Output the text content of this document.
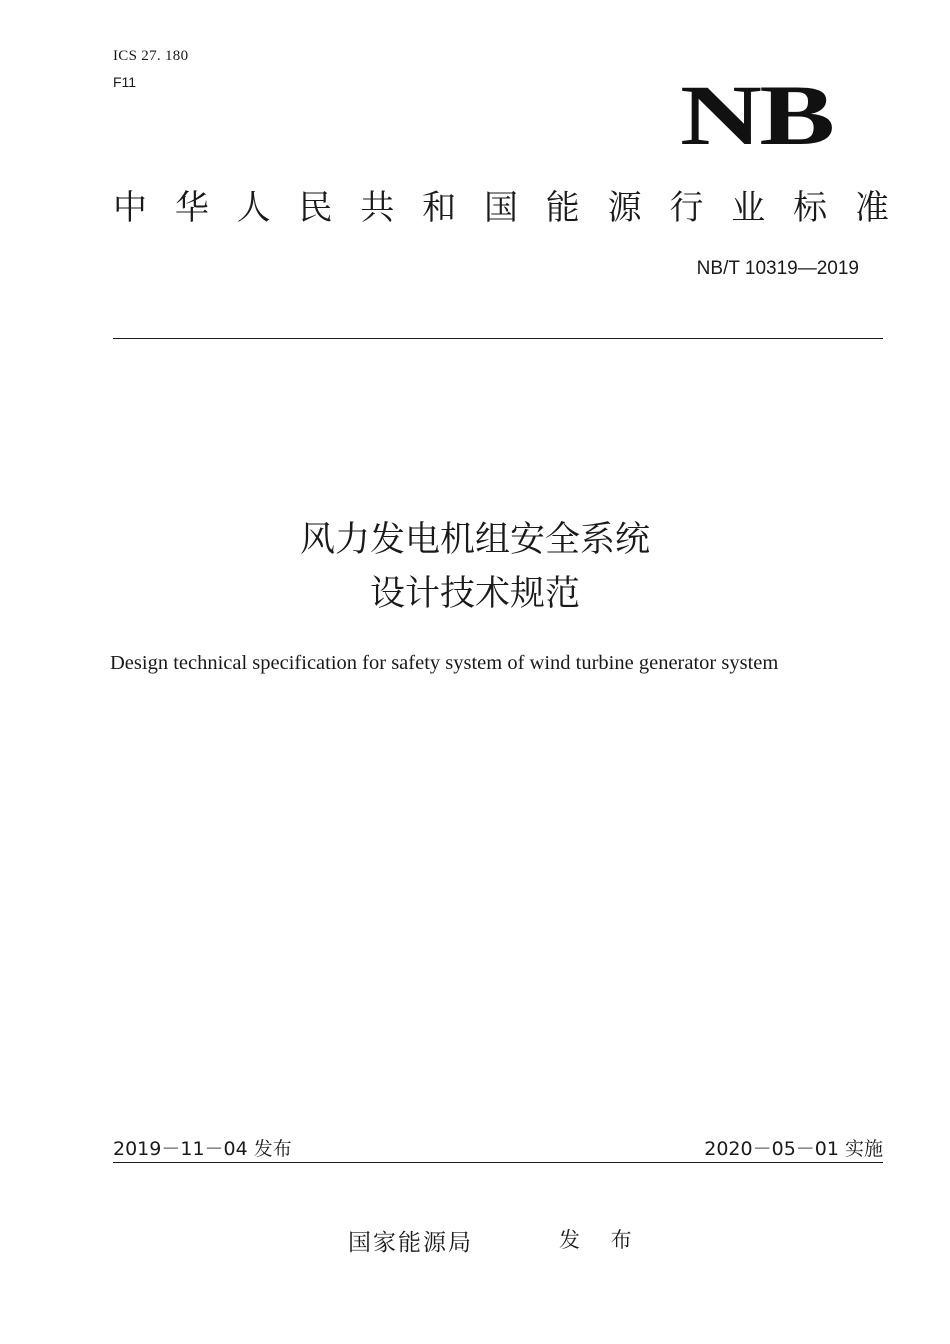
ICS 27. 180
F11	NB
中 华 人 民 共 和 国 能 源 行 业 标 准
NB/T 10319—2019
风力发电机组安全系统
设计技术规范
Design technical specification for safety system of wind turbine generator system
2019－11－04 发布	2020－05－01 实施
国家能源局	发 布
